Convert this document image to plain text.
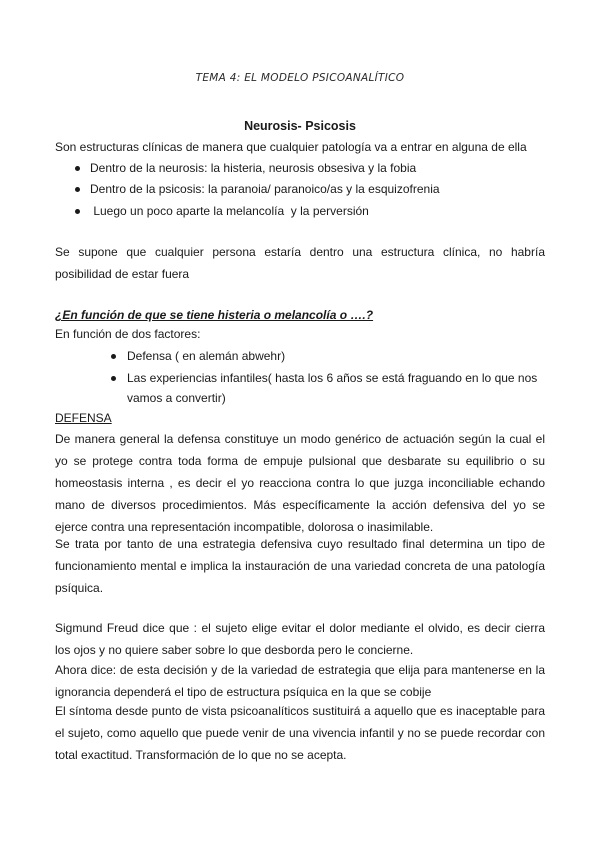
TEMA 4: EL MODELO PSICOANALÍTICO
Neurosis- Psicosis
Son estructuras clínicas de manera que cualquier patología va a entrar en alguna de ella
Dentro de la neurosis: la histeria, neurosis obsesiva y la fobia
Dentro de la psicosis: la paranoia/ paranoico/as y la esquizofrenia
Luego un poco aparte la melancolía  y la perversión
Se supone que cualquier persona estaría dentro una estructura clínica, no habría posibilidad de estar fuera
¿En función de que se tiene histeria o melancolía o ….?
En función de dos factores:
Defensa ( en alemán abwehr)
Las experiencias infantiles( hasta los 6 años se está fraguando en lo que nos
vamos a convertir)
DEFENSA
De manera general la defensa constituye un modo genérico de actuación según la cual el yo se protege contra toda forma de empuje pulsional que desbarate su equilibrio o su homeostasis interna , es decir el yo reacciona contra lo que juzga inconciliable echando mano de diversos procedimientos. Más específicamente la acción defensiva del yo se ejerce contra una representación incompatible, dolorosa o inasimilable.
Se trata por tanto de una estrategia defensiva cuyo resultado final determina un tipo de funcionamiento mental e implica la instauración de una variedad concreta de una patología psíquica.
Sigmund Freud dice que : el sujeto elige evitar el dolor mediante el olvido, es decir cierra los ojos y no quiere saber sobre lo que desborda pero le concierne.
Ahora dice: de esta decisión y de la variedad de estrategia que elija para mantenerse en la ignorancia dependerá el tipo de estructura psíquica en la que se cobije
El síntoma desde punto de vista psicoanalíticos sustituirá a aquello que es inaceptable para el sujeto, como aquello que puede venir de una vivencia infantil y no se puede recordar con total exactitud. Transformación de lo que no se acepta.
